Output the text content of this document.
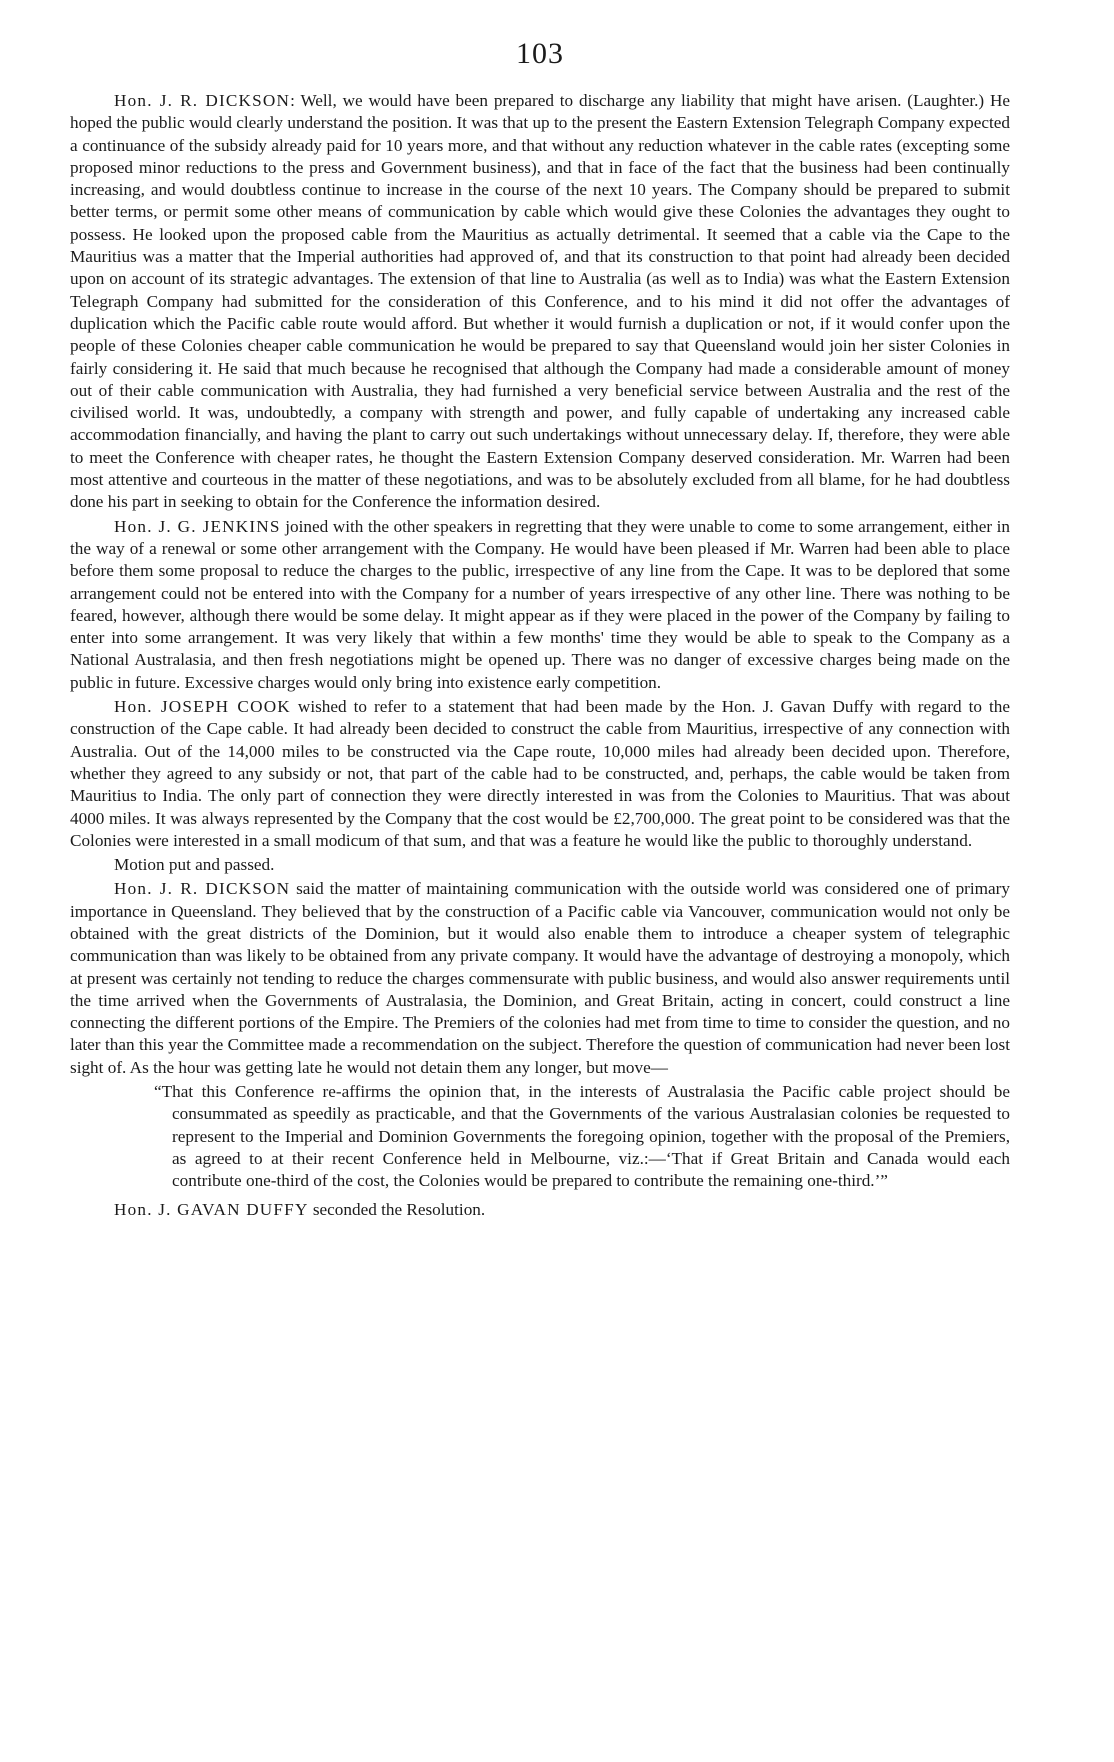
103

Hon. J. R. DICKSON: Well, we would have been prepared to discharge any liability that might have arisen. (Laughter.) He hoped the public would clearly understand the position. It was that up to the present the Eastern Extension Telegraph Company expected a continuance of the subsidy already paid for 10 years more, and that without any reduction whatever in the cable rates (excepting some proposed minor reductions to the press and Government business), and that in face of the fact that the business had been continually increasing, and would doubtless continue to increase in the course of the next 10 years. The Company should be prepared to submit better terms, or permit some other means of communication by cable which would give these Colonies the advantages they ought to possess. He looked upon the proposed cable from the Mauritius as actually detrimental. It seemed that a cable via the Cape to the Mauritius was a matter that the Imperial authorities had approved of, and that its construction to that point had already been decided upon on account of its strategic advantages. The extension of that line to Australia (as well as to India) was what the Eastern Extension Telegraph Company had submitted for the consideration of this Conference, and to his mind it did not offer the advantages of duplication which the Pacific cable route would afford. But whether it would furnish a duplication or not, if it would confer upon the people of these Colonies cheaper cable communication he would be prepared to say that Queensland would join her sister Colonies in fairly considering it. He said that much because he recognised that although the Company had made a considerable amount of money out of their cable communication with Australia, they had furnished a very beneficial service between Australia and the rest of the civilised world. It was, undoubtedly, a company with strength and power, and fully capable of undertaking any increased cable accommodation financially, and having the plant to carry out such undertakings without unnecessary delay. If, therefore, they were able to meet the Conference with cheaper rates, he thought the Eastern Extension Company deserved consideration. Mr. Warren had been most attentive and courteous in the matter of these negotiations, and was to be absolutely excluded from all blame, for he had doubtless done his part in seeking to obtain for the Conference the information desired.

Hon. J. G. JENKINS joined with the other speakers in regretting that they were unable to come to some arrangement, either in the way of a renewal or some other arrangement with the Company. He would have been pleased if Mr. Warren had been able to place before them some proposal to reduce the charges to the public, irrespective of any line from the Cape. It was to be deplored that some arrangement could not be entered into with the Company for a number of years irrespective of any other line. There was nothing to be feared, however, although there would be some delay. It might appear as if they were placed in the power of the Company by failing to enter into some arrangement. It was very likely that within a few months' time they would be able to speak to the Company as a National Australasia, and then fresh negotiations might be opened up. There was no danger of excessive charges being made on the public in future. Excessive charges would only bring into existence early competition.

Hon. JOSEPH COOK wished to refer to a statement that had been made by the Hon. J. Gavan Duffy with regard to the construction of the Cape cable. It had already been decided to construct the cable from Mauritius, irrespective of any connection with Australia. Out of the 14,000 miles to be constructed via the Cape route, 10,000 miles had already been decided upon. Therefore, whether they agreed to any subsidy or not, that part of the cable had to be constructed, and, perhaps, the cable would be taken from Mauritius to India. The only part of connection they were directly interested in was from the Colonies to Mauritius. That was about 4000 miles. It was always represented by the Company that the cost would be £2,700,000. The great point to be considered was that the Colonies were interested in a small modicum of that sum, and that was a feature he would like the public to thoroughly understand.

Motion put and passed.

Hon. J. R. DICKSON said the matter of maintaining communication with the outside world was considered one of primary importance in Queensland. They believed that by the construction of a Pacific cable via Vancouver, communication would not only be obtained with the great districts of the Dominion, but it would also enable them to introduce a cheaper system of telegraphic communication than was likely to be obtained from any private company. It would have the advantage of destroying a monopoly, which at present was certainly not tending to reduce the charges commensurate with public business, and would also answer requirements until the time arrived when the Governments of Australasia, the Dominion, and Great Britain, acting in concert, could construct a line connecting the different portions of the Empire. The Premiers of the colonies had met from time to time to consider the question, and no later than this year the Committee made a recommendation on the subject. Therefore the question of communication had never been lost sight of. As the hour was getting late he would not detain them any longer, but move—

“That this Conference re-affirms the opinion that, in the interests of Australasia the Pacific cable project should be consummated as speedily as practicable, and that the Governments of the various Australasian colonies be requested to represent to the Imperial and Dominion Governments the foregoing opinion, together with the proposal of the Premiers, as agreed to at their recent Conference held in Melbourne, viz.:—‘That if Great Britain and Canada would each contribute one-third of the cost, the Colonies would be prepared to contribute the remaining one-third.’”

Hon. J. GAVAN DUFFY seconded the Resolution.
